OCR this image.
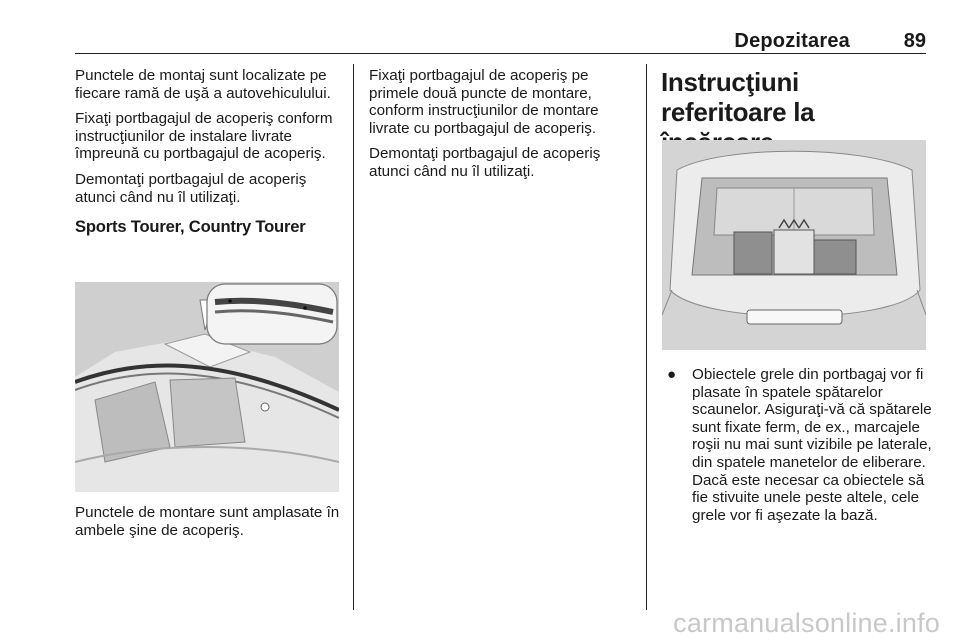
Depozitarea	89

Punctele de montaj sunt localizate pe fiecare ramă de uşă a autovehiculului.

Fixaţi portbagajul de acoperiş conform instrucţiunilor de instalare livrate împreună cu portbagajul de acoperiş.

Demontaţi portbagajul de acoperiş atunci când nu îl utilizaţi.

Sports Tourer, Country Tourer
Punctele de montare sunt amplasate în ambele şine de acoperiş.

Fixaţi portbagajul de acoperiş pe primele două puncte de montare, conform instrucţiunilor de montare livrate cu portbagajul de acoperiş.

Demontaţi portbagajul de acoperiş atunci când nu îl utilizaţi.

Instrucţiuni referitoare la
● Obiectele grele din portbagaj vor fi plasate în spatele spătarelor scaunelor. Asiguraţi-vă că spătarele sunt fixate ferm, de ex., marcajele roşii nu mai sunt vizibile pe laterale, din spatele manetelor de eliberare. Dacă este necesar ca obiectele să fie stivuite unele peste altele, cele grele vor fi aşezate la bază.
carmanualsonline.info
